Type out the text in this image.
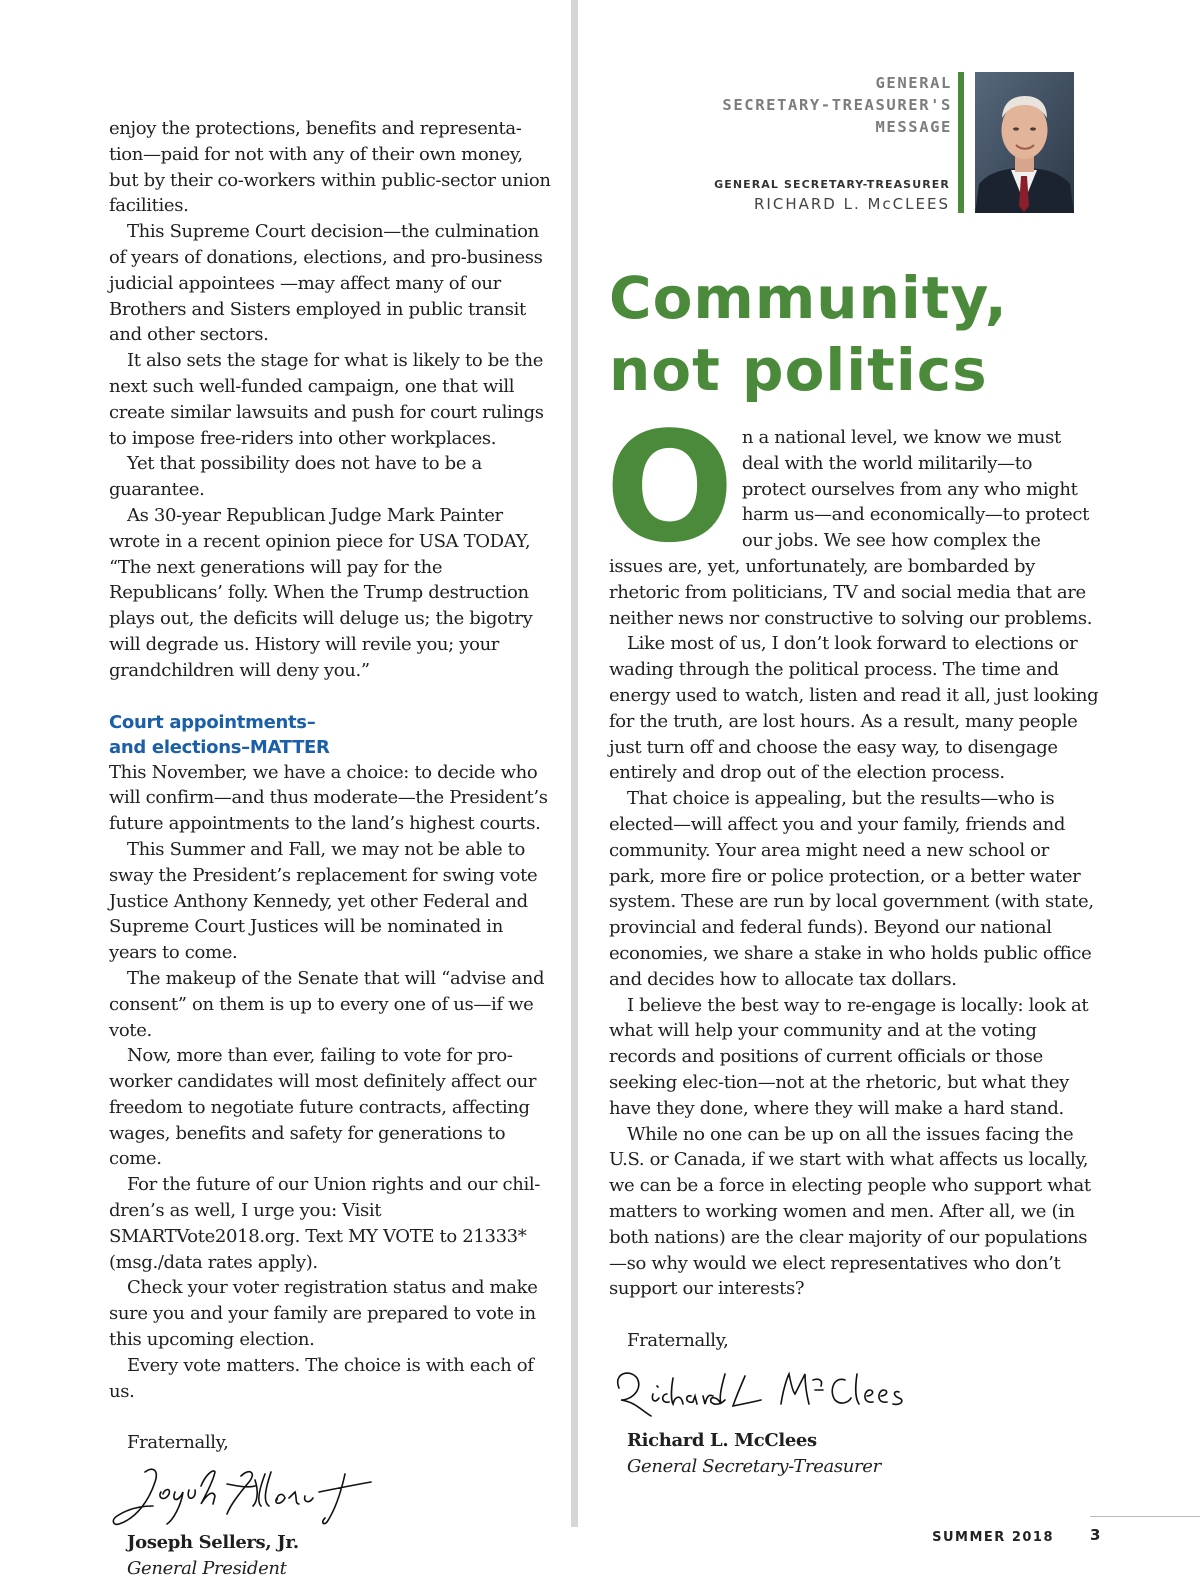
enjoy the protections, benefits and representa-tion—paid for not with any of their own money, but by their co-workers within public-sector union facilities.

This Supreme Court decision—the culmination of years of donations, elections, and pro-business judicial appointees —may affect many of our Brothers and Sisters employed in public transit and other sectors.

It also sets the stage for what is likely to be the next such well-funded campaign, one that will create similar lawsuits and push for court rulings to impose free-riders into other workplaces.

Yet that possibility does not have to be a guarantee.

As 30-year Republican Judge Mark Painter wrote in a recent opinion piece for USA TODAY, “The next generations will pay for the Republicans’ folly. When the Trump destruction plays out, the deficits will deluge us; the bigotry will degrade us. History will revile you; your grandchildren will deny you.”

Court appointments–
and elections–MATTER

This November, we have a choice: to decide who will confirm—and thus moderate—the President’s future appointments to the land’s highest courts.

This Summer and Fall, we may not be able to sway the President’s replacement for swing vote Justice Anthony Kennedy, yet other Federal and Supreme Court Justices will be nominated in years to come.

The makeup of the Senate that will “advise and consent” on them is up to every one of us—if we vote.

Now, more than ever, failing to vote for pro-worker candidates will most definitely affect our freedom to negotiate future contracts, affecting wages, benefits and safety for generations to come.

For the future of our Union rights and our chil-dren’s as well, I urge you: Visit SMARTVote2018.org. Text MY VOTE to 21333* (msg./data rates apply).

Check your voter registration status and make sure you and your family are prepared to vote in this upcoming election.

Every vote matters. The choice is with each of us.

Fraternally,
Joseph Sellers, Jr.
General President
GENERAL
SECRETARY-TREASURER'S
MESSAGE
GENERAL SECRETARY-TREASURER
RICHARD L. McCLEES
Community,
not politics

On a national level, we know we must deal with the world militarily—to protect ourselves from any who might harm us—and economically—to protect our jobs. We see how complex the issues are, yet, unfortunately, are bombarded by rhetoric from politicians, TV and social media that are neither news nor constructive to solving our problems.

Like most of us, I don’t look forward to elections or wading through the political process. The time and energy used to watch, listen and read it all, just looking for the truth, are lost hours. As a result, many people just turn off and choose the easy way, to disengage entirely and drop out of the election process.

That choice is appealing, but the results—who is elected—will affect you and your family, friends and community. Your area might need a new school or park, more fire or police protection, or a better water system. These are run by local government (with state, provincial and federal funds). Beyond our national economies, we share a stake in who holds public office and decides how to allocate tax dollars.

I believe the best way to re-engage is locally: look at what will help your community and at the voting records and positions of current officials or those seeking elec-tion—not at the rhetoric, but what they have they done, where they will make a hard stand.

While no one can be up on all the issues facing the U.S. or Canada, if we start with what affects us locally, we can be a force in electing people who support what matters to working women and men. After all, we (in both nations) are the clear majority of our populations—so why would we elect representatives who don’t support our interests?

Fraternally,
Richard L. McClees
General Secretary-Treasurer
SUMMER 2018 3
